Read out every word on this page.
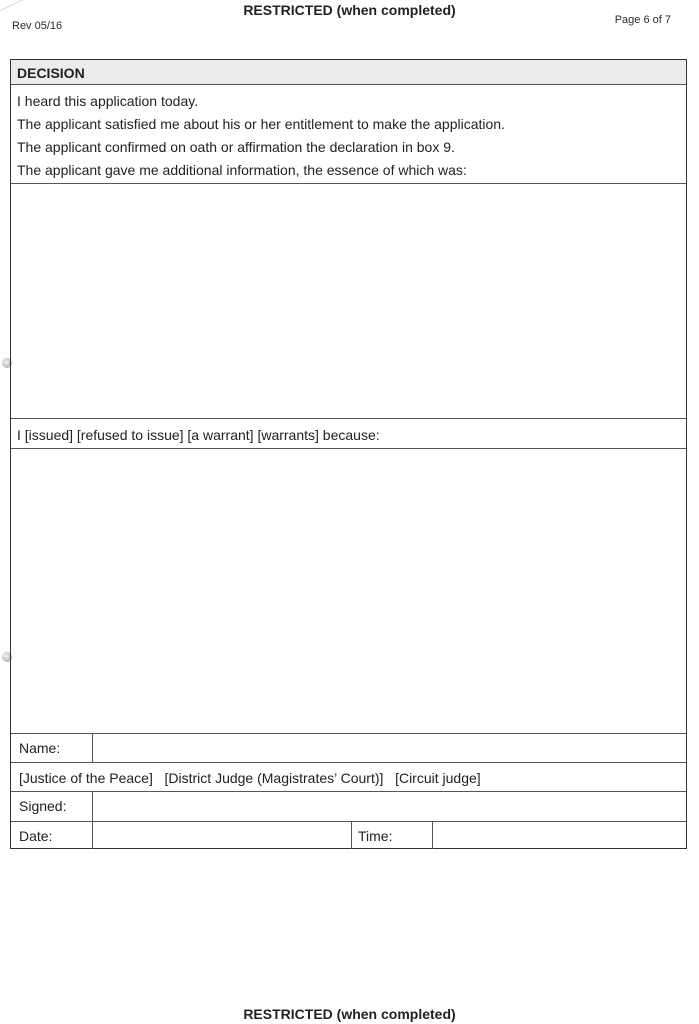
Rev 05/16
RESTRICTED (when completed)
Page 6 of 7
DECISION
I heard this application today.
The applicant satisfied me about his or her entitlement to make the application.
The applicant confirmed on oath or affirmation the declaration in box 9.
The applicant gave me additional information, the essence of which was:
I [issued] [refused to issue] [a warrant] [warrants] because:
Name:
[Justice of the Peace]   [District Judge (Magistrates’ Court)]   [Circuit judge]
Signed:
Date:	Time:
RESTRICTED (when completed)
